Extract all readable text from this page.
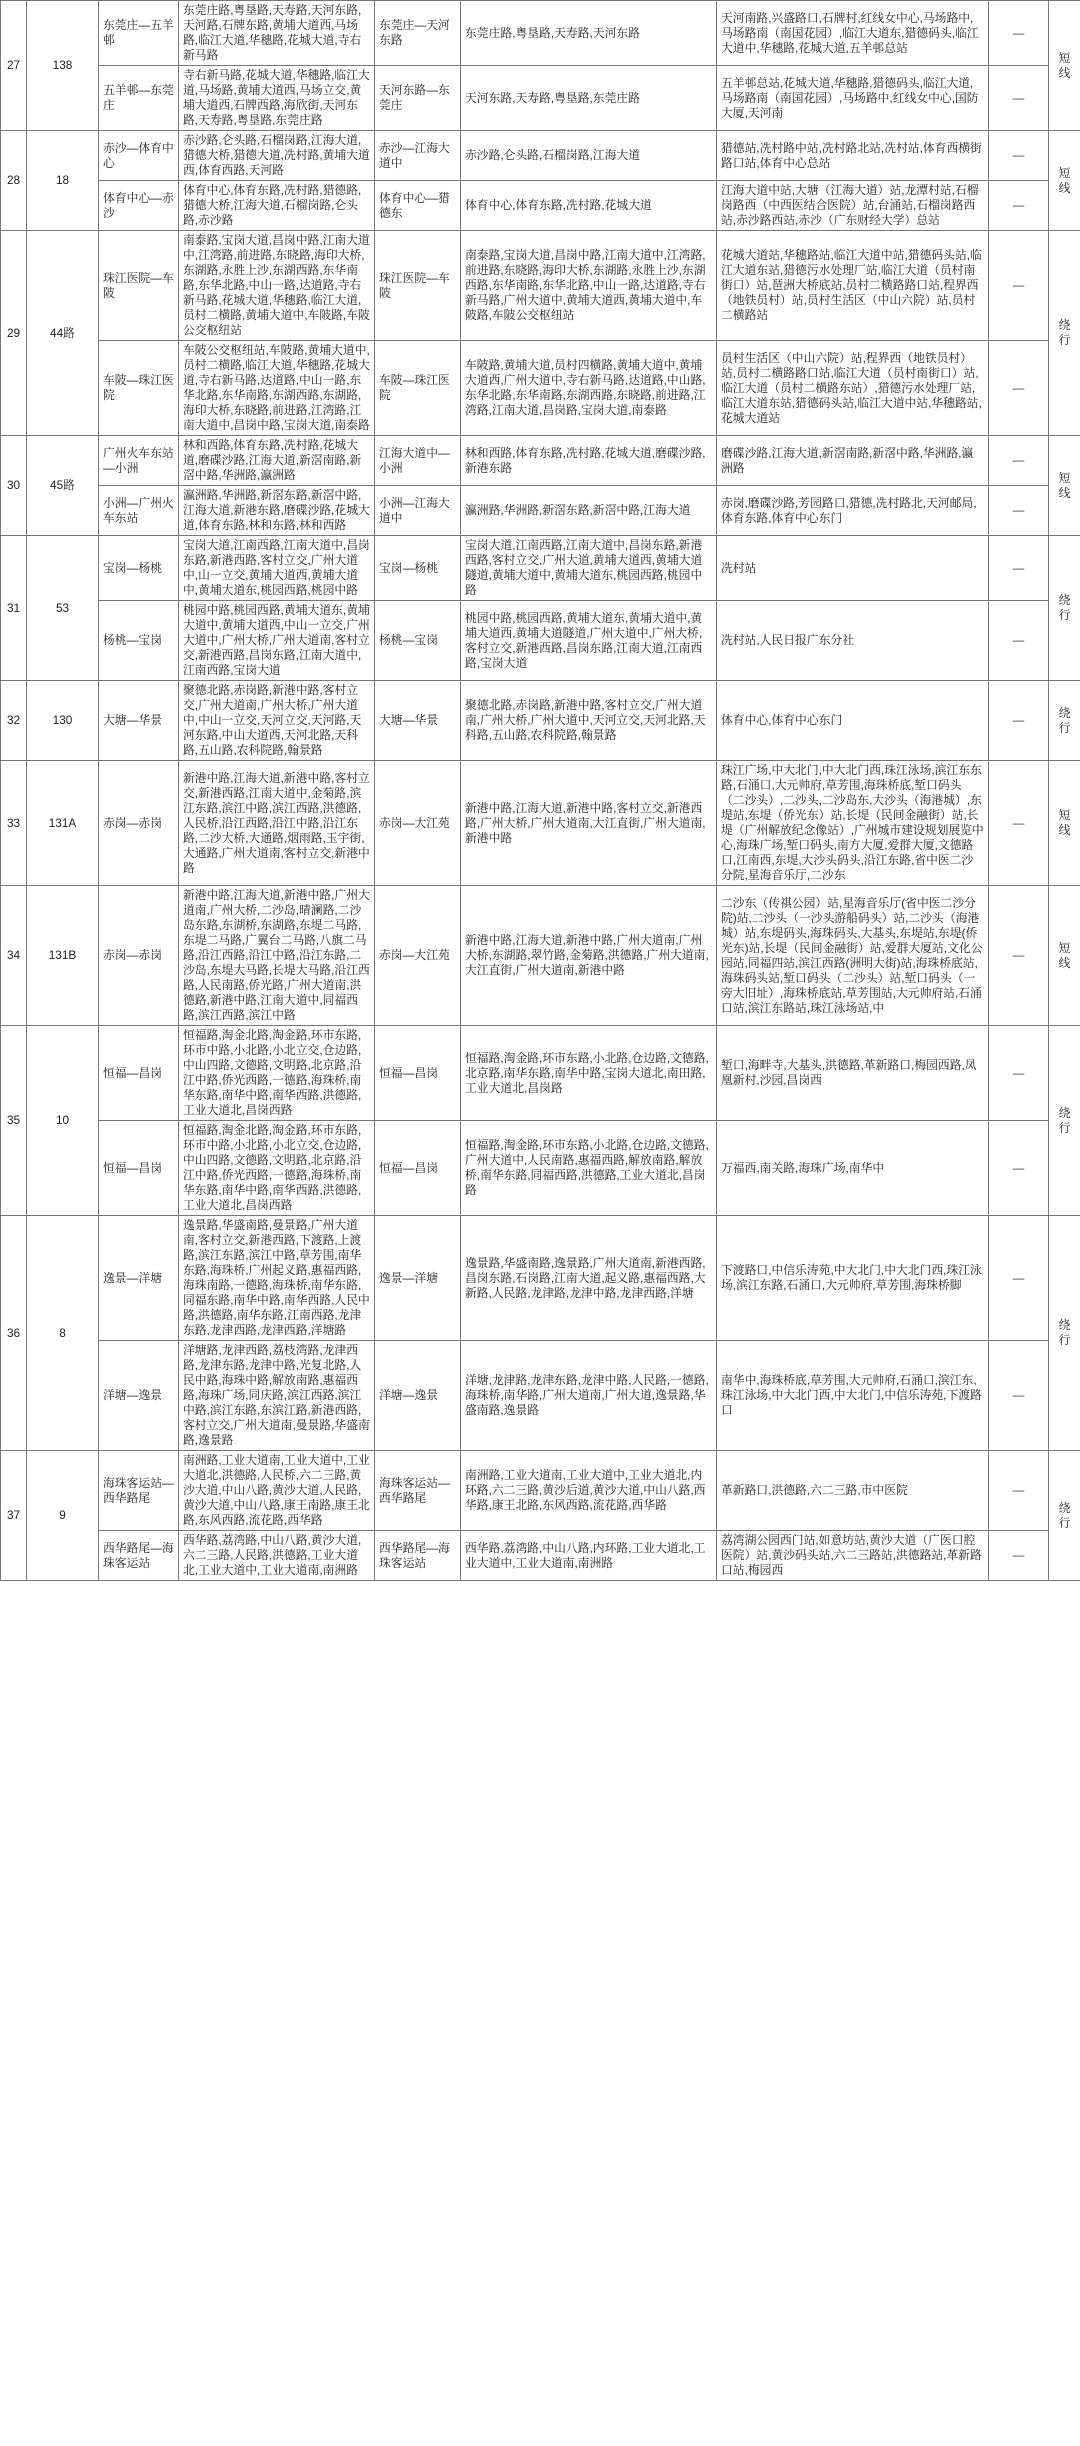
27	138	东莞庄—五羊邨	东莞庄路,粤垦路,天寿路,天河东路,天河路,石牌东路,黄埔大道西,马场路,临江大道,华穗路,花城大道,寺右新马路	东莞庄—天河东路	东莞庄路,粤垦路,天寿路,天河东路	天河南路,兴盛路口,石牌村,红线女中心,马场路中,马场路南（南国花园）,临江大道东,猎德码头,临江大道中,华穗路,花城大道,五羊邨总站	—	短线
		五羊邨—东莞庄	寺右新马路,花城大道,华穗路,临江大道,马场路,黄埔大道西,马场立交,黄埔大道西,石牌西路,海欣街,天河东路,天寿路,粤垦路,东莞庄路	天河东路—东莞庄	天河东路,天寿路,粤垦路,东莞庄路	五羊邨总站,花城大道,华穗路,猎德码头,临江大道,马场路南（南国花园）,马场路中,红线女中心,国防大厦,天河南	—	
28	18	赤沙—体育中心	赤沙路,仑头路,石榴岗路,江海大道,猎德大桥,猎德大道,冼村路,黄埔大道西,体育西路,天河路	赤沙—江海大道中	赤沙路,仑头路,石榴岗路,江海大道	猎德站,冼村路中站,冼村路北站,冼村站,体育西横街路口站,体育中心总站	—	短线
		体育中心—赤沙	体育中心,体育东路,冼村路,猎德路,猎德大桥,江海大道,石榴岗路,仑头路,赤沙路	体育中心—猎德东	体育中心,体育东路,冼村路,花城大道	江海大道中站,大塘（江海大道）站,龙潭村站,石榴岗路西（中西医结合医院）站,台涌站,石榴岗路西站,赤沙路西站,赤沙（广东财经大学）总站	—	
29	44路	珠江医院—车陂	南泰路,宝岗大道,昌岗中路,江南大道中,江湾路,前进路,东晓路,海印大桥,东湖路,永胜上沙,东湖西路,东华南路,东华北路,中山一路,达道路,寺右新马路,花城大道,华穗路,临江大道,员村二横路,黄埔大道中,车陂路,车陂公交枢纽站	珠江医院—车陂	南泰路,宝岗大道,昌岗中路,江南大道中,江湾路,前进路,东晓路,海印大桥,东湖路,永胜上沙,东湖西路,东华南路,东华北路,中山一路,达道路,寺右新马路,广州大道中,黄埔大道西,黄埔大道中,车陂路,车陂公交枢纽站	花城大道站,华穗路站,临江大道中站,猎德码头站,临江大道东站,猎德污水处理厂站,临江大道（员村南街口）站,琶洲大桥底站,员村二横路路口站,程界西（地铁员村）站,员村生活区（中山六院）站,员村二横路站	—	绕行
		车陂—珠江医院	车陂公交枢纽站,车陂路,黄埔大道中,员村二横路,临江大道,华穗路,花城大道,寺右新马路,达道路,中山一路,东华北路,东华南路,东湖西路,东湖路,海印大桥,东晓路,前进路,江湾路,江南大道中,昌岗中路,宝岗大道,南泰路	车陂—珠江医院	车陂路,黄埔大道,员村四横路,黄埔大道中,黄埔大道西,广州大道中,寺右新马路,达道路,中山路,东华北路,东华南路,东湖西路,东晓路,前进路,江湾路,江南大道,昌岗路,宝岗大道,南泰路	员村生活区（中山六院）站,程界西（地铁员村）站,员村二横路路口站,临江大道（员村南街口）站,临江大道（员村二横路东站）,猎德污水处理厂站,临江大道东站,猎德码头站,临江大道中站,华穗路站,花城大道站	—	
30	45路	广州火车东站—小洲	林和西路,体育东路,冼村路,花城大道,磨碟沙路,江海大道,新滘南路,新滘中路,华洲路,瀛洲路	江海大道中—小洲	林和西路,体育东路,冼村路,花城大道,磨碟沙路,新港东路	磨碟沙路,江海大道,新滘南路,新滘中路,华洲路,瀛洲路	—	短线
		小洲—广州火车东站	瀛洲路,华洲路,新滘东路,新滘中路,江海大道,新港东路,磨碟沙路,花城大道,体育东路,林和东路,林和西路	小洲—江海大道中	瀛洲路,华洲路,新滘东路,新滘中路,江海大道	赤岗,磨碟沙路,芳园路口,猎德,冼村路北,天河邮局,体育东路,体育中心东门	—	
31	53	宝岗—杨桃	宝岗大道,江南西路,江南大道中,昌岗东路,新港西路,客村立交,广州大道中,山一立交,黄埔大道西,黄埔大道中,黄埔大道东,桃园西路,桃园中路	宝岗—杨桃	宝岗大道,江南西路,江南大道中,昌岗东路,新港西路,客村立交,广州大道,黄埔大道西,黄埔大道隧道,黄埔大道中,黄埔大道东,桃园西路,桃园中路	冼村站	—	绕行
		杨桃—宝岗	桃园中路,桃园西路,黄埔大道东,黄埔大道中,黄埔大道西,中山一立交,广州大道中,广州大桥,广州大道南,客村立交,新港西路,昌岗东路,江南大道中,江南西路,宝岗大道	杨桃—宝岗	桃园中路,桃园西路,黄埔大道东,黄埔大道中,黄埔大道西,黄埔大道隧道,广州大道中,广州大桥,客村立交,新港西路,昌岗东路,江南大道,江南西路,宝岗大道	冼村站,人民日报广东分社	—	
32	130	大塘—华景	聚德北路,赤岗路,新港中路,客村立交,广州大道南,广州大桥,广州大道中,中山一立交,天河立交,天河路,天河东路,中山大道西,天河北路,天科路,五山路,农科院路,翰景路	大塘—华景	聚德北路,赤岗路,新港中路,客村立交,广州大道南,广州大桥,广州大道中,天河立交,天河北路,天科路,五山路,农科院路,翰景路	体育中心,体育中心东门	—	绕行
33	131A	赤岗—赤岗	新港中路,江海大道,新港中路,客村立交,新港西路,江南大道中,金菊路,滨江东路,滨江中路,滨江西路,洪德路,人民桥,沿江西路,沿江中路,沿江东路,二沙大桥,大通路,烟雨路,玉宇街,大通路,广州大道南,客村立交,新港中路	赤岗—大江苑	新港中路,江海大道,新港中路,客村立交,新港西路,广州大桥,广州大道南,大江直街,广州大道南,新港中路	珠江广场,中大北门,中大北门西,珠江泳场,滨江东东路,石涌口,大元帅府,草芳围,海珠桥底,堑口码头（二沙头）,二沙头,二沙岛东,大沙头（海港城）,东堤站,东堤（侨光东）站,长堤（民间金融街）站,长堤（广州解放纪念像站）,广州城市建设规划展览中心,海珠广场,堑口码头,南方大厦,爱群大厦,文德路口,江南西,东堤,大沙头码头,沿江东路,省中医二沙分院,星海音乐厅,二沙东	—	短线
34	131B	赤岗—赤岗	新港中路,江海大道,新港中路,广州大道南,广州大桥,二沙岛,晴澜路,二沙岛东路,东湖桥,东湖路,东堤二马路,东堤二马路,广翼台二马路,八旗二马路,沿江西路,沿江中路,沿江东路,二沙岛,东堤大马路,长堤大马路,沿江西路,人民南路,侨光路,广州大道南,洪德路,新港中路,江南大道中,同福西路,滨江西路,滨江中路	赤岗—大江苑	新港中路,江海大道,新港中路,广州大道南,广州大桥,东湖路,翠竹路,金菊路,洪德路,广州大道南,大江直街,广州大道南,新港中路	二沙东（传祺公园）站,星海音乐厅(省中医二沙分院)站,二沙头（一沙头游船码头）站,二沙头（海港城）站,东堤码头,海珠码头,大基头,东堤站,东堤(侨光东)站,长堤（民间金融街）站,爱群大厦站,文化公园站,同福四站,滨江西路(洲明大街)站,海珠桥底站,海珠码头站,堑口码头（二沙头）站,堑口码头（一旁大旧址）,海珠桥底站,草芳围站,大元帅府站,石涌口站,滨江东路站,珠江泳场站,中	—	短线
35	10	恒福—昌岗	恒福路,淘金北路,淘金路,环市东路,环市中路,小北路,小北立交,仓边路,中山四路,文德路,文明路,北京路,沿江中路,侨光西路,一德路,海珠桥,南华东路,南华中路,南华西路,洪德路,工业大道北,昌岗西路	恒福—昌岗	恒福路,淘金路,环市东路,小北路,仓边路,文德路,北京路,南华东路,南华中路,宝岗大道北,南田路,工业大道北,昌岗路	堑口,海畔寺,大基头,洪德路,革新路口,梅园西路,凤凰新村,沙园,昌岗西	—	绕行
		恒福—昌岗	恒福路,淘金北路,淘金路,环市东路,环市中路,小北路,小北立交,仓边路,中山四路,文德路,文明路,北京路,沿江中路,侨光西路,一德路,海珠桥,南华东路,南华中路,南华西路,洪德路,工业大道北,昌岗西路	恒福—昌岗	恒福路,淘金路,环市东路,小北路,仓边路,文德路,广州大道中,人民南路,惠福西路,解放南路,解放桥,南华东路,同福西路,洪德路,工业大道北,昌岗路	万福西,南关路,海珠广场,南华中	—	
36	8	逸景—洋塘	逸景路,华盛南路,曼景路,广州大道南,客村立交,新港西路,下渡路,上渡路,滨江东路,滨江中路,草芳围,南华东路,海珠桥,广州起义路,惠福西路,海珠南路,一德路,海珠桥,南华东路,同福东路,南华中路,南华西路,人民中路,洪德路,南华东路,江南西路,龙津东路,龙津西路,龙津西路,洋塘路	逸景—洋塘	逸景路,华盛南路,逸景路,广州大道南,新港西路,昌岗东路,石岗路,江南大道,起义路,惠福西路,大新路,人民路,龙津路,龙津中路,龙津西路,洋塘	下渡路口,中信乐涛苑,中大北门,中大北门西,珠江泳场,滨江东路,石涌口,大元帅府,草芳围,海珠桥脚	—	绕行
		洋塘—逸景	洋塘路,龙津西路,荔枝湾路,龙津西路,龙津东路,龙津中路,光复北路,人民中路,海珠中路,解放南路,惠福西路,海珠广场,同庆路,滨江西路,滨江中路,滨江东路,东滨江路,新港西路,客村立交,广州大道南,曼景路,华盛南路,逸景路	洋塘—逸景	洋塘,龙津路,龙津东路,龙津中路,人民路,一德路,海珠桥,南华路,广州大道南,广州大道,逸景路,华盛南路,逸景路	南华中,海珠桥底,草芳围,大元帅府,石涌口,滨江东,珠江泳场,中大北门西,中大北门,中信乐涛苑,下渡路口	—	
37	9	海珠客运站—西华路尾	南洲路,工业大道南,工业大道中,工业大道北,洪德路,人民桥,六二三路,黄沙大道,中山八路,黄沙大道,人民路,黄沙大道,中山八路,康王南路,康王北路,东风西路,流花路,西华路	海珠客运站—西华路尾	南洲路,工业大道南,工业大道中,工业大道北,内环路,六二三路,黄沙后道,黄沙大道,中山八路,西华路,康王北路,东风西路,流花路,西华路	革新路口,洪德路,六二三路,市中医院	—	绕行
		西华路尾—海珠客运站	西华路,荔湾路,中山八路,黄沙大道,六二三路,人民路,洪德路,工业大道北,工业大道中,工业大道南,南洲路	西华路尾—海珠客运站	西华路,荔湾路,中山八路,内环路,工业大道北,工业大道中,工业大道南,南洲路	荔湾湖公园西门站,如意坊站,黄沙大道（广医口腔医院）站,黄沙码头站,六二三路站,洪德路站,革新路口站,梅园西	—	
